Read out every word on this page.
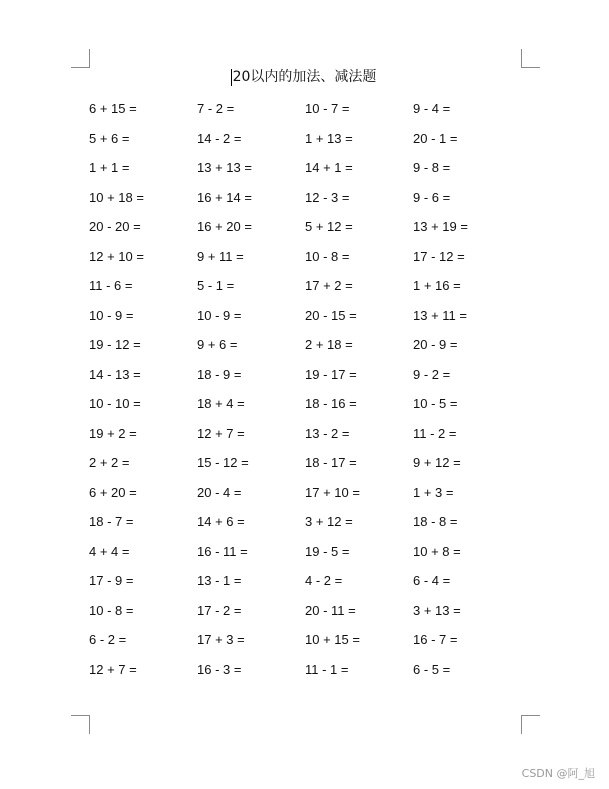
20以内的加法、减法题
6 + 15 =	7 - 2 =	10 - 7 =	9 - 4 =
5 + 6 =	14 - 2 =	1 + 13 =	20 - 1 =
1 + 1 =	13 + 13 =	14 + 1 =	9 - 8 =
10 + 18 =	16 + 14 =	12 - 3 =	9 - 6 =
20 - 20 =	16 + 20 =	5 + 12 =	13 + 19 =
12 + 10 =	9 + 11 =	10 - 8 =	17 - 12 =
11 - 6 =	5 - 1 =	17 + 2 =	1 + 16 =
10 - 9 =	10 - 9 =	20 - 15 =	13 + 11 =
19 - 12 =	9 + 6 =	2 + 18 =	20 - 9 =
14 - 13 =	18 - 9 =	19 - 17 =	9 - 2 =
10 - 10 =	18 + 4 =	18 - 16 =	10 - 5 =
19 + 2 =	12 + 7 =	13 - 2 =	11 - 2 =
2 + 2 =	15 - 12 =	18 - 17 =	9 + 12 =
6 + 20 =	20 - 4 =	17 + 10 =	1 + 3 =
18 - 7 =	14 + 6 =	3 + 12 =	18 - 8 =
4 + 4 =	16 - 11 =	19 - 5 =	10 + 8 =
17 - 9 =	13 - 1 =	4 - 2 =	6 - 4 =
10 - 8 =	17 - 2 =	20 - 11 =	3 + 13 =
6 - 2 =	17 + 3 =	10 + 15 =	16 - 7 =
12 + 7 =	16 - 3 =	11 - 1 =	6 - 5 =
CSDN @阿_旭
